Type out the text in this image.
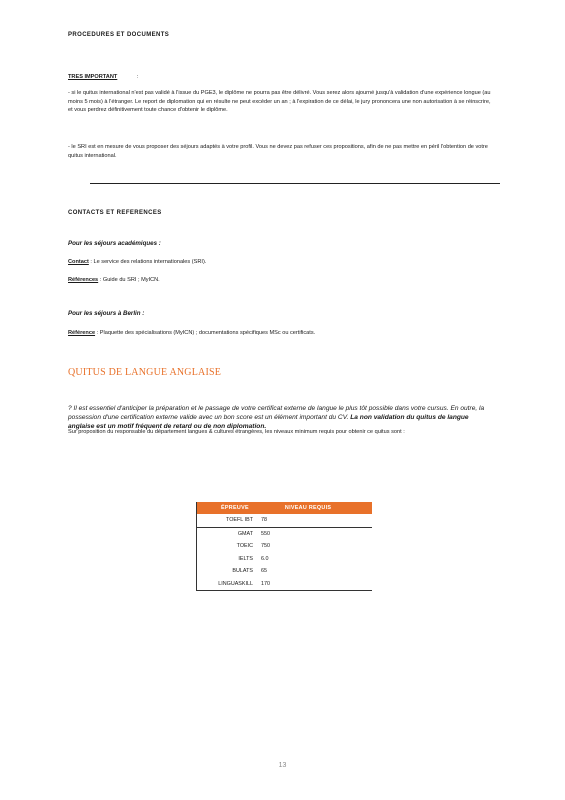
PROCEDURES ET DOCUMENTS
TRES IMPORTANT	:
- si le quitus international n'est pas validé à l'issue du PGE3, le diplôme ne pourra pas être délivré. Vous serez alors ajourné jusqu'à validation d'une expérience longue (au moins 5 mois) à l'étranger. Le report de diplomation qui en résulte ne peut excéder un an ; à l'expiration de ce délai, le jury prononcera une non autorisation à se réinscrire, et vous perdrez définitivement toute chance d'obtenir le diplôme.
- le SRI est en mesure de vous proposer des séjours adaptés à votre profil. Vous ne devez pas refuser ces propositions, afin de ne pas mettre en péril l'obtention de votre quitus international.
CONTACTS ET REFERENCES
Pour les séjours académiques :
Contact : Le service des relations internationales (SRI).
Références : Guide du SRI ; MyICN.
Pour les séjours à Berlin :
Référence : Plaquette des spécialisations (MyICN) ; documentations spécifiques MSc ou certificats.
QUITUS DE LANGUE ANGLAISE
? Il est essentiel d'anticiper la préparation et le passage de votre certificat externe de langue le plus tôt possible dans votre cursus. En outre, la possession d'une certification externe valide avec un bon score est un élément important du CV. La non validation du quitus de langue anglaise est un motif fréquent de retard ou de non diplomation.
Sur proposition du responsable du département langues & cultures étrangères, les niveaux minimum requis pour obtenir ce quitus sont :
ÉPREUVE	NIVEAU REQUIS
TOEFL IBT 78
GMAT 550
TOEIC 750
IELTS 6.0
BULATS 65
LINGUASKILL 170
13
